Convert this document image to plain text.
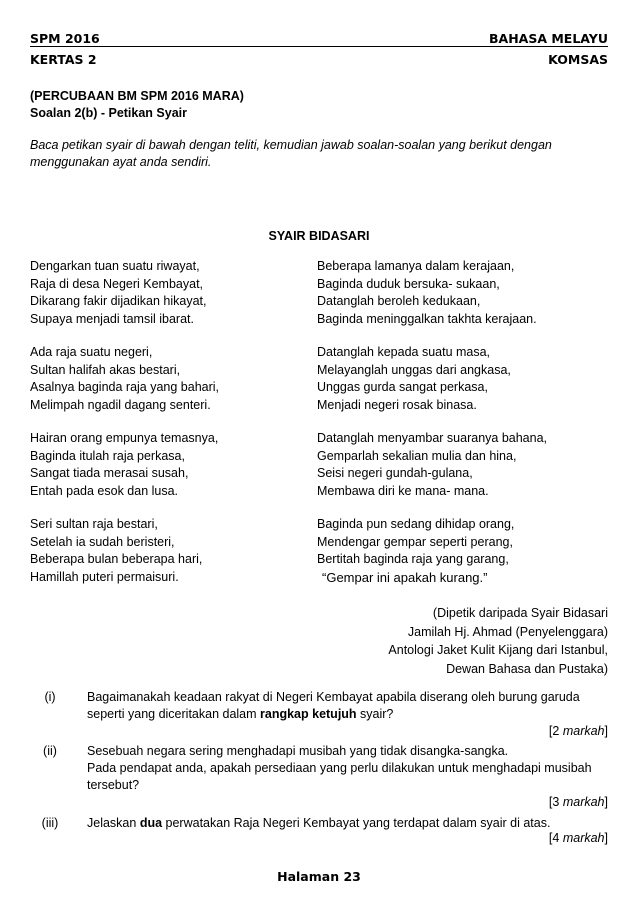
SPM 2016	BAHASA MELAYU
KERTAS 2	KOMSAS
(PERCUBAAN BM SPM 2016 MARA)
Soalan 2(b) - Petikan Syair
Baca petikan syair di bawah dengan teliti, kemudian jawab soalan-soalan yang berikut dengan
menggunakan ayat anda sendiri.
SYAIR BIDASARI
Dengarkan tuan suatu riwayat,
Raja di desa Negeri Kembayat,
Dikarang fakir dijadikan hikayat,
Supaya menjadi tamsil ibarat.
Ada raja suatu negeri,
Sultan halifah akas bestari,
Asalnya baginda raja yang bahari,
Melimpah ngadil dagang senteri.
Hairan orang empunya temasnya,
Baginda itulah raja perkasa,
Sangat tiada merasai susah,
Entah pada esok dan lusa.
Seri sultan raja bestari,
Setelah ia sudah beristeri,
Beberapa bulan beberapa hari,
Hamillah puteri permaisuri.
Beberapa lamanya dalam kerajaan,
Baginda duduk bersuka- sukaan,
Datanglah beroleh kedukaan,
Baginda meninggalkan takhta kerajaan.
Datanglah kepada suatu masa,
Melayanglah unggas dari angkasa,
Unggas gurda sangat perkasa,
Menjadi negeri rosak binasa.
Datanglah menyambar suaranya bahana,
Gemparlah sekalian mulia dan hina,
Seisi negeri gundah-gulana,
Membawa diri ke mana- mana.
Baginda pun sedang dihidap orang,
Mendengar gempar seperti perang,
Bertitah baginda raja yang garang,
“Gempar ini apakah kurang.”
(Dipetik daripada Syair Bidasari
Jamilah Hj. Ahmad (Penyelenggara)
Antologi Jaket Kulit Kijang dari Istanbul,
Dewan Bahasa dan Pustaka)
(i)	Bagaimanakah keadaan rakyat di Negeri Kembayat apabila diserang oleh burung garuda
seperti yang diceritakan dalam rangkap ketujuh syair?
[2 markah]
(ii)	Sesebuah negara sering menghadapi musibah yang tidak disangka-sangka.
Pada pendapat anda, apakah persediaan yang perlu dilakukan untuk menghadapi musibah
tersebut?
[3 markah]
(iii)	Jelaskan dua perwatakan Raja Negeri Kembayat yang terdapat dalam syair di atas.
[4 markah]
Halaman 23
